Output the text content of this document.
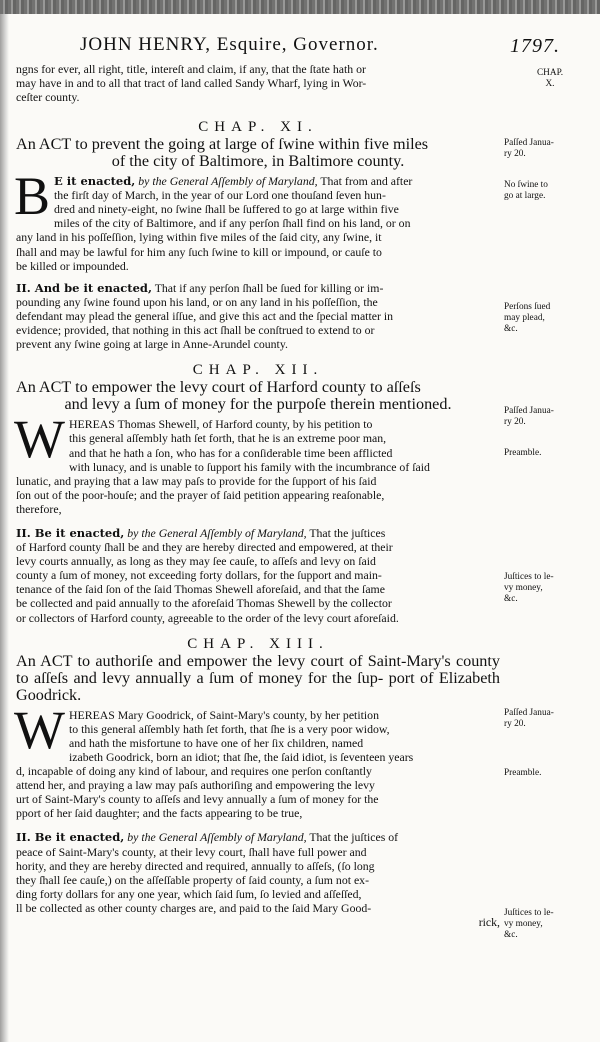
JOHN HENRY, Esquire, Governor.	1797.

ngns for ever, all right, title, intereſt and claim, if any, that the ſtate hath or

may have in and to all that tract of land called Sandy Wharf, lying in Wor-

ceſter county.

CHAP. XI.
An ACT to prevent the going at large of ſwine within five miles
of the city of Baltimore, in Baltimore county.
B E it enacted, by the General Aſſembly of Maryland, That from and after

the firſt day of March, in the year of our Lord one thouſand ſeven hun-

dred and ninety-eight, no ſwine ſhall be ſuffered to go at large within five

miles of the city of Baltimore, and if any perſon ſhall find on his land, or on

any land in his poſſeſſion, lying within five miles of the ſaid city, any ſwine, it

ſhall and may be lawful for him any ſuch ſwine to kill or impound, or cauſe to

be killed or impounded.

II. And be it enacted, That if any perſon ſhall be ſued for killing or im-

pounding any ſwine found upon his land, or on any land in his poſſeſſion, the

defendant may plead the general iſſue, and give this act and the ſpecial matter in

evidence; provided, that nothing in this act ſhall be conſtrued to extend to or

prevent any ſwine going at large in Anne-Arundel county.

CHAP. XII.
An ACT to empower the levy court of Harford county to aſſeſs
and levy a ſum of money for the purpoſe therein mentioned.
W HEREAS Thomas Shewell, of Harford county, by his petition to

this general aſſembly hath ſet forth, that he is an extreme poor man,

and that he hath a ſon, who has for a conſiderable time been afflicted

with lunacy, and is unable to ſupport his family with the incumbrance of ſaid

lunatic, and praying that a law may paſs to provide for the ſupport of his ſaid

ſon out of the poor-houſe; and the prayer of ſaid petition appearing reaſonable,

therefore,

II. Be it enacted, by the General Aſſembly of Maryland, That the juſtices

of Harford county ſhall be and they are hereby directed and empowered, at their

levy courts annually, as long as they may ſee cauſe, to aſſeſs and levy on ſaid

county a ſum of money, not exceeding forty dollars, for the ſupport and main-

tenance of the ſaid ſon of the ſaid Thomas Shewell aforeſaid, and that the ſame

be collected and paid annually to the aforeſaid Thomas Shewell by the collector

or collectors of Harford county, agreeable to the order of the levy court aforeſaid.

CHAP. XIII.
An ACT to authoriſe and empower the levy court of Saint-Mary's county to aſſeſs and levy annually a ſum of money for the ſup- port of Elizabeth Goodrick.
W HEREAS Mary Goodrick, of Saint-Mary's county, by her petition

to this general aſſembly hath ſet forth, that ſhe is a very poor widow,

and hath the misfortune to have one of her ſix children, named

izabeth Goodrick, born an idiot; that ſhe, the ſaid idiot, is ſeventeen years

d, incapable of doing any kind of labour, and requires one perſon conſtantly

attend her, and praying a law may paſs authoriſing and empowering the levy

urt of Saint-Mary's county to aſſeſs and levy annually a ſum of money for the

pport of her ſaid daughter; and the facts appearing to be true,

II. Be it enacted, by the General Aſſembly of Maryland, That the juſtices of

peace of Saint-Mary's county, at their levy court, ſhall have full power and

hority, and they are hereby directed and required, annually to aſſeſs, (ſo long

they ſhall ſee cauſe,) on the aſſeſſable property of ſaid county, a ſum not ex-

ding forty dollars for any one year, which ſaid ſum, ſo levied and aſſeſſed,

ll be collected as other county charges are, and paid to the ſaid Mary Good-

rick,

CHAP.
X.
Paſſed Janua-
ry 20.
No ſwine to
go at large.
Perſons ſued
may plead,
&c.
Paſſed Janua-
ry 20.
Preamble.
Juſtices to le-
vy money,
&c.
Paſſed Janua-
ry 20.
Preamble.
Juſtices to le-
vy money,
&c.
